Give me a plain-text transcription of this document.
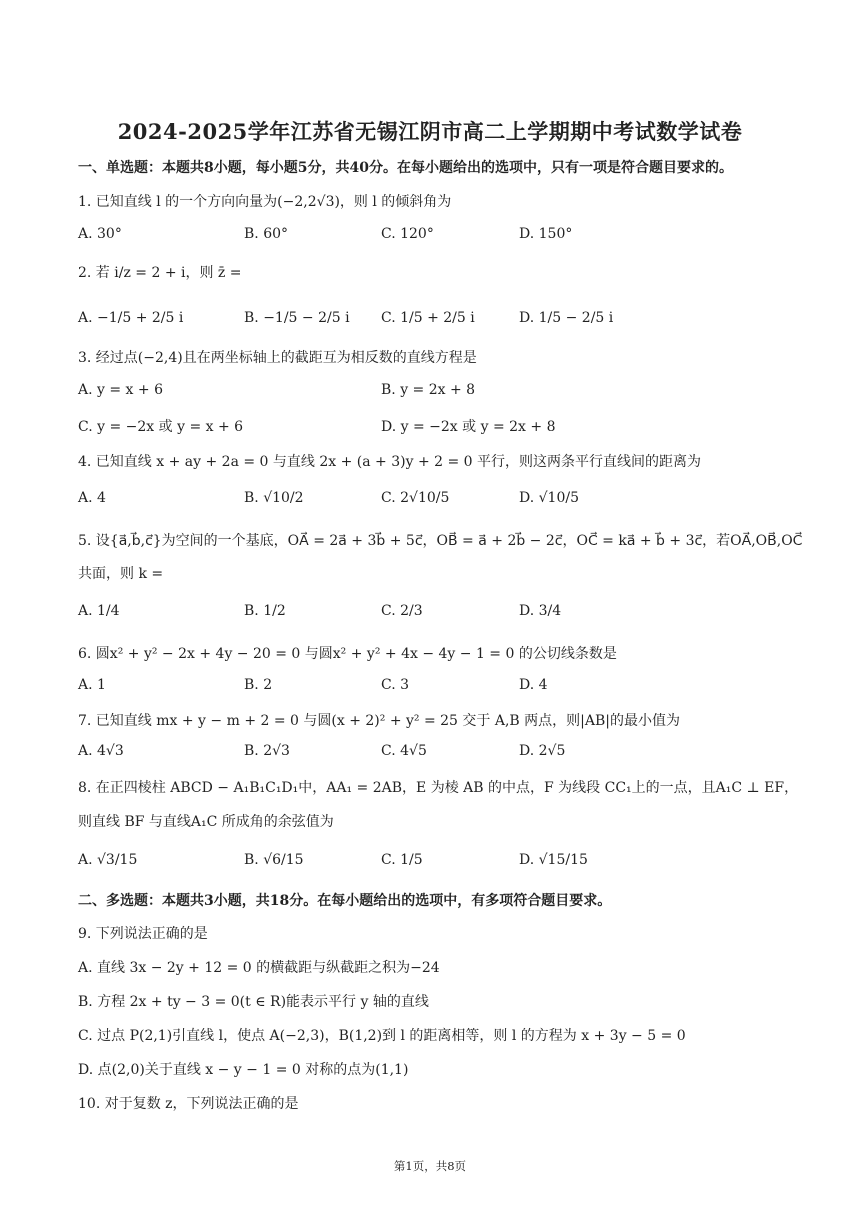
2024-2025学年江苏省无锡江阴市高二上学期期中考试数学试卷
一、单选题：本题共8小题，每小题5分，共40分。在每小题给出的选项中，只有一项是符合题目要求的。
1. 已知直线 l 的一个方向向量为(−2,2√3)，则 l 的倾斜角为
A. 30°	B. 60°	C. 120°	D. 150°
2. 若 i/z = 2 + i，则 z̄ =
A. −1/5 + 2/5 i	B. −1/5 − 2/5 i C. 1/5 + 2/5 i	D. 1/5 − 2/5 i
3. 经过点(−2,4)且在两坐标轴上的截距互为相反数的直线方程是
A. y = x + 6	B. y = 2x + 8
C. y = −2x 或 y = x + 6	D. y = −2x 或 y = 2x + 8
4. 已知直线 x + ay + 2a = 0 与直线 2x + (a + 3)y + 2 = 0 平行，则这两条平行直线间的距离为
A. 4	B. √10/2	C. 2√10/5	D. √10/5
5. 设{a⃗,b⃗,c⃗}为空间的一个基底，OA⃗ = 2a⃗ + 3b⃗ + 5c⃗，OB⃗ = a⃗ + 2b⃗ − 2c⃗，OC⃗ = ka⃗ + b⃗ + 3c⃗，若OA⃗,OB⃗,OC⃗
共面，则 k =
A. 1/4	B. 1/2	C. 2/3	D. 3/4
6. 圆x² + y² − 2x + 4y − 20 = 0 与圆x² + y² + 4x − 4y − 1 = 0 的公切线条数是
A. 1	B. 2	C. 3	D. 4
7. 已知直线 mx + y − m + 2 = 0 与圆(x + 2)² + y² = 25 交于 A,B 两点，则|AB|的最小值为
A. 4√3	B. 2√3	C. 4√5	D. 2√5
8. 在正四棱柱 ABCD − A₁B₁C₁D₁中，AA₁ = 2AB，E 为棱 AB 的中点，F 为线段 CC₁上的一点，且A₁C ⊥ EF，
则直线 BF 与直线A₁C 所成角的余弦值为
A. √3/15	B. √6/15	C. 1/5	D. √15/15
二、多选题：本题共3小题，共18分。在每小题给出的选项中，有多项符合题目要求。
9. 下列说法正确的是
A. 直线 3x − 2y + 12 = 0 的横截距与纵截距之积为−24
B. 方程 2x + ty − 3 = 0(t ∈ R)能表示平行 y 轴的直线
C. 过点 P(2,1)引直线 l，使点 A(−2,3)，B(1,2)到 l 的距离相等，则 l 的方程为 x + 3y − 5 = 0
D. 点(2,0)关于直线 x − y − 1 = 0 对称的点为(1,1)
10. 对于复数 z，下列说法正确的是
第1页，共8页
